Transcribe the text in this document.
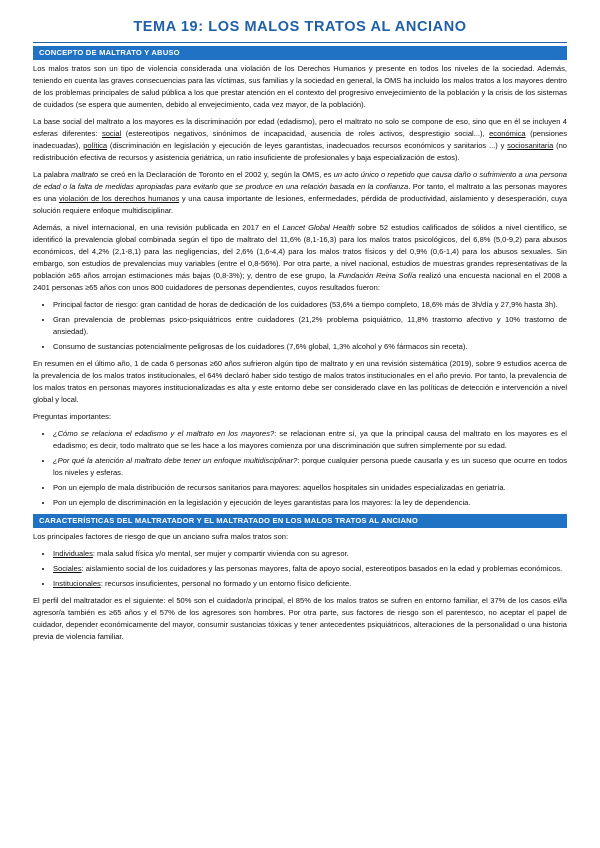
TEMA 19: LOS MALOS TRATOS AL ANCIANO
CONCEPTO DE MALTRATO Y ABUSO

Los malos tratos son un tipo de violencia considerada una violación de los Derechos Humanos y presente en todos los niveles de la sociedad. Además, teniendo en cuenta las graves consecuencias para las víctimas, sus familias y la sociedad en general, la OMS ha incluido los malos tratos a los mayores dentro de los problemas principales de salud pública a los que prestar atención en el contexto del progresivo envejecimiento de la población y la crisis de los sistemas de cuidados (se espera que aumenten, debido al envejecimiento, cada vez mayor, de la población).

La base social del maltrato a los mayores es la discriminación por edad (edadismo), pero el maltrato no solo se compone de eso, sino que en él se incluyen 4 esferas diferentes: social (estereotipos negativos, sinónimos de incapacidad, ausencia de roles activos, desprestigio social...), económica (pensiones inadecuadas), política (discriminación en legislación y ejecución de leyes garantistas, inadecuados recursos económicos y sanitarios ...) y sociosanitaria (no redistribución efectiva de recursos y asistencia geriátrica, un ratio insuficiente de profesionales y baja especialización de estos).

La palabra maltrato se creó en la Declaración de Toronto en el 2002 y, según la OMS, es un acto único o repetido que causa daño o sufrimiento a una persona de edad o la falta de medidas apropiadas para evitarlo que se produce en una relación basada en la confianza. Por tanto, el maltrato a las personas mayores es una violación de los derechos humanos y una causa importante de lesiones, enfermedades, pérdida de productividad, aislamiento y desesperación, cuya solución requiere enfoque multidisciplinar.

Además, a nivel internacional, en una revisión publicada en 2017 en el Lancet Global Health sobre 52 estudios calificados de sólidos a nivel científico, se identificó la prevalencia global combinada según el tipo de maltrato del 11,6% (8,1-16,3) para los malos tratos psicológicos, del 6,8% (5,0-9,2) para abusos económicos, del 4,2% (2,1-8,1) para las negligencias, del 2,6% (1,6-4,4) para los malos tratos físicos y del 0,9% (0,6-1,4) para los abusos sexuales. Sin embargo, son estudios de prevalencias muy variables (entre el 0,8-56%). Por otra parte, a nivel nacional, estudios de muestras grandes representativas de la población ≥65 años arrojan estimaciones más bajas (0,8-3%); y, dentro de ese grupo, la Fundación Reina Sofía realizó una encuesta nacional en el 2008 a 2401 personas ≥65 años con unos 800 cuidadores de personas dependientes, cuyos resultados fueron:

• Principal factor de riesgo: gran cantidad de horas de dedicación de los cuidadores (53,6% a tiempo completo, 18,6% más de 3h/día y 27,9% hasta 3h).
• Gran prevalencia de problemas psico-psiquiátricos entre cuidadores (21,2% problema psiquiátrico, 11,8% trastorno afectivo y 10% trastorno de ansiedad).
• Consumo de sustancias potencialmente peligrosas de los cuidadores (7,6% global, 1,3% alcohol y 6% fármacos sin receta).

En resumen en el último año, 1 de cada 6 personas ≥60 años sufrieron algún tipo de maltrato y en una revisión sistemática (2019), sobre 9 estudios acerca de la prevalencia de los malos tratos institucionales, el 64% declaró haber sido testigo de malos tratos institucionales en el año previo. Por tanto, la prevalencia de los malos tratos en personas mayores institucionalizadas es alta y este entorno debe ser considerado clave en las políticas de detección e intervención a nivel global y local.

Preguntas importantes:

• ¿Cómo se relaciona el edadismo y el maltrato en los mayores?: se relacionan entre sí, ya que la principal causa del maltrato en los mayores es el edadismo; es decir, todo maltrato que se les hace a los mayores comienza por una discriminación que sufren simplemente por su edad.
• ¿Por qué la atención al maltrato debe tener un enfoque multidisciplinar?: porque cualquier persona puede causarla y es un suceso que ocurre en todos los niveles y esferas.
• Pon un ejemplo de mala distribución de recursos sanitarios para mayores: aquellos hospitales sin unidades especializadas en geriatría.
• Pon un ejemplo de discriminación en la legislación y ejecución de leyes garantistas para los mayores: la ley de dependencia.
CARACTERÍSTICAS DEL MALTRATADOR Y EL MALTRATADO EN LOS MALOS TRATOS AL ANCIANO

Los principales factores de riesgo de que un anciano sufra malos tratos son:

• Individuales: mala salud física y/o mental, ser mujer y compartir vivienda con su agresor.
• Sociales: aislamiento social de los cuidadores y las personas mayores, falta de apoyo social, estereotipos basados en la edad y problemas económicos.
• Institucionales: recursos insuficientes, personal no formado y un entorno físico deficiente.

El perfil del maltratador es el siguiente: el 50% son el cuidador/a principal, el 85% de los malos tratos se sufren en entorno familiar, el 37% de los casos el/la agresor/a también es ≥65 años y el 57% de los agresores son hombres. Por otra parte, sus factores de riesgo son el parentesco, no aceptar el papel de cuidador, depender económicamente del mayor, consumir sustancias tóxicas y tener antecedentes psiquiátricos, alteraciones de la personalidad o una historia previa de violencia familiar.
